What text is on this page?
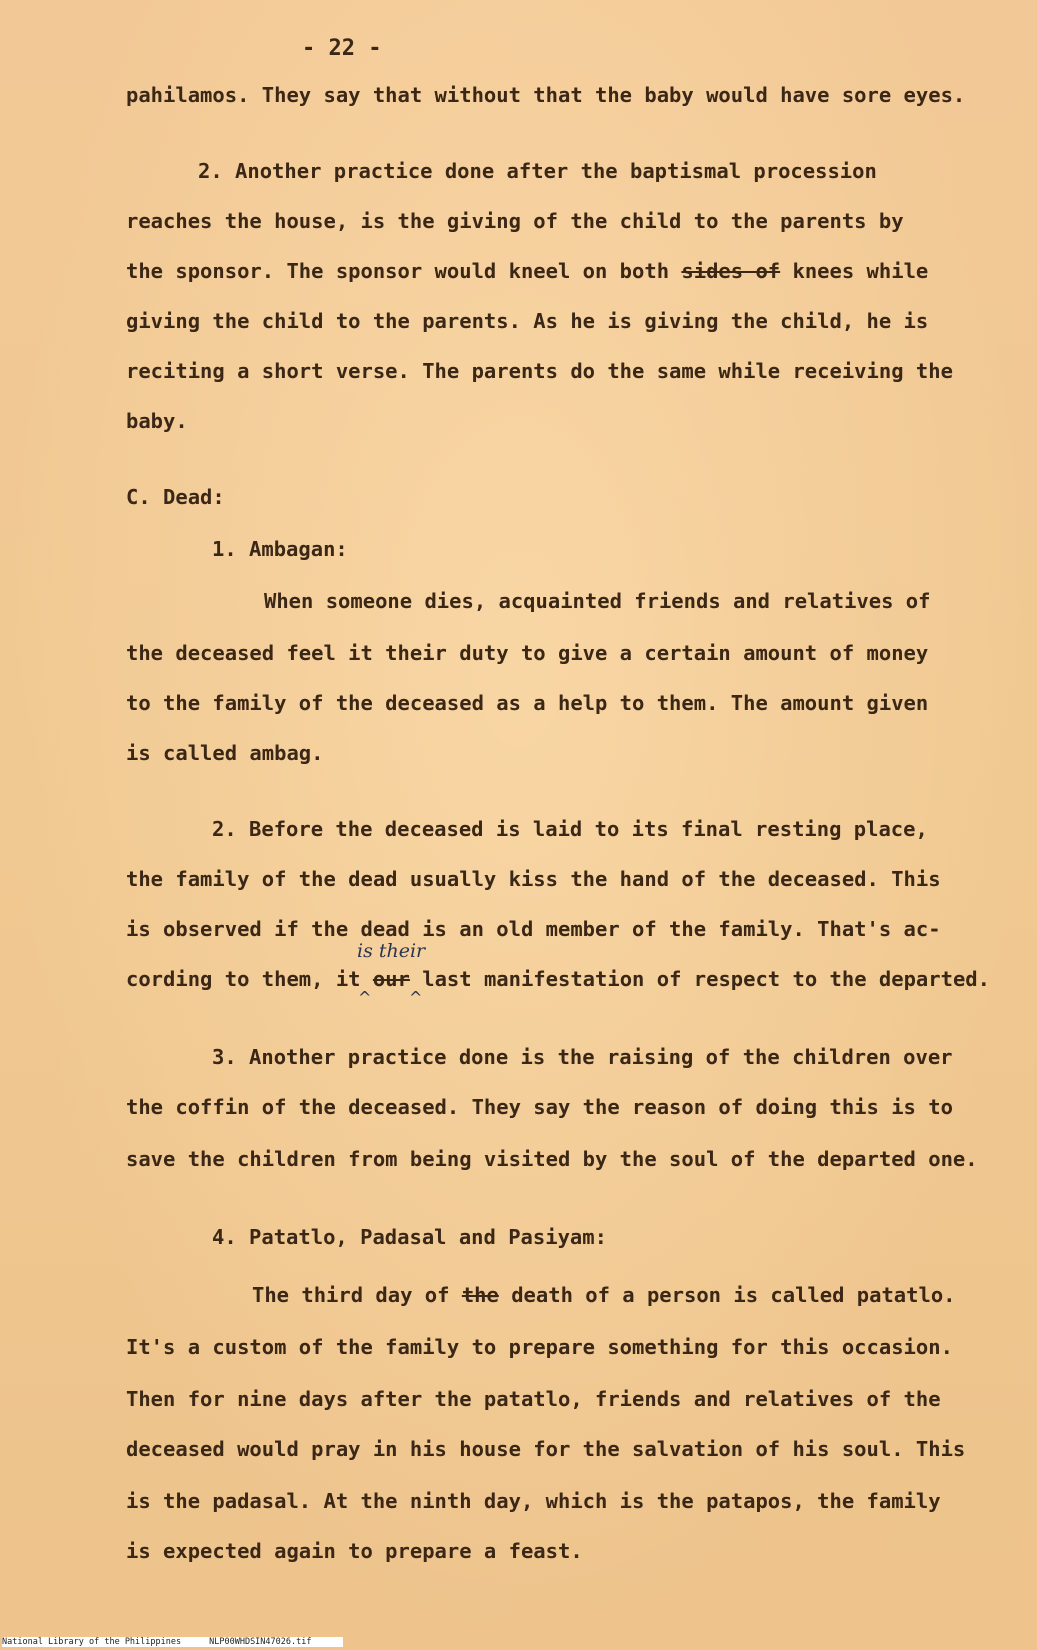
- 22 -
pahilamos. They say that without that the baby would have sore eyes.
2. Another practice done after the baptismal procession
reaches the house, is the giving of the child to the parents by
the sponsor. The sponsor would kneel on both sides of knees while
giving the child to the parents. As he is giving the child, he is
reciting a short verse. The parents do the same while receiving the
baby.
C. Dead:
1. Ambagan:
When someone dies, acquainted friends and relatives of
the deceased feel it their duty to give a certain amount of money
to the family of the deceased as a help to them. The amount given
is called ambag.
2. Before the deceased is laid to its final resting place,
the family of the dead usually kiss the hand of the deceased. This
is observed if the dead is an old member of the family. That's ac-
cording to them, it our last manifestation of respect to the departed.
is their
^ ^
3. Another practice done is the raising of the children over
the coffin of the deceased. They say the reason of doing this is to
save the children from being visited by the soul of the departed one.
4. Patatlo, Padasal and Pasiyam:
The third day of the death of a person is called patatlo.
It's a custom of the family to prepare something for this occasion.
Then for nine days after the patatlo, friends and relatives of the
deceased would pray in his house for the salvation of his soul. This
is the padasal. At the ninth day, which is the patapos, the family
is expected again to prepare a feast.
National Library of the Philippines	NLP00WHDSIN47026.tif
